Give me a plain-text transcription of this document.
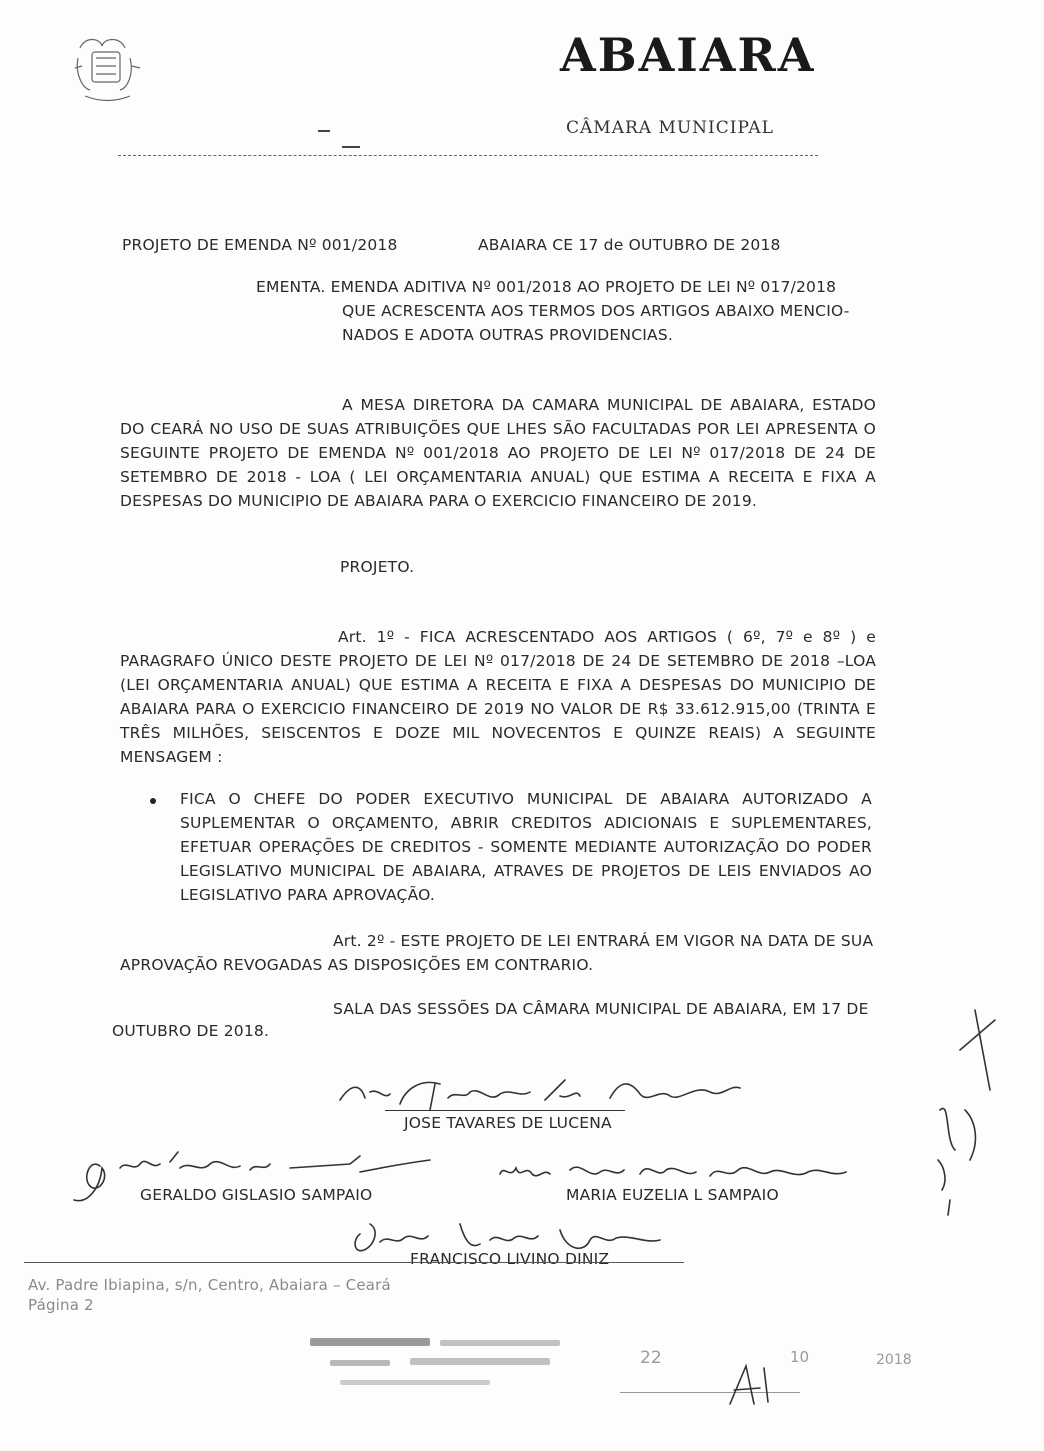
ABAIARA
CÂMARA MUNICIPAL
PROJETO DE EMENDA Nº 001/2018	ABAIARA CE 17 de OUTUBRO DE 2018
EMENTA. EMENDA ADITIVA Nº 001/2018 AO PROJETO DE LEI Nº 017/2018
QUE ACRESCENTA AOS TERMOS DOS ARTIGOS ABAIXO MENCIO-
NADOS E ADOTA OUTRAS PROVIDENCIAS.
A MESA DIRETORA DA CAMARA MUNICIPAL DE ABAIARA, ESTADO
DO CEARÁ NO USO DE SUAS ATRIBUIÇÕES QUE LHES SÃO FACULTADAS POR LEI APRESENTA O
SEGUINTE PROJETO DE EMENDA Nº 001/2018 AO PROJETO DE LEI Nº 017/2018 DE 24 DE
SETEMBRO DE 2018 - LOA ( LEI ORÇAMENTARIA ANUAL) QUE ESTIMA A RECEITA E FIXA A
DESPESAS DO MUNICIPIO DE ABAIARA PARA O EXERCICIO FINANCEIRO DE 2019.
PROJETO.
Art. 1º - FICA ACRESCENTADO AOS ARTIGOS ( 6º, 7º e 8º ) e
PARAGRAFO ÚNICO DESTE PROJETO DE LEI Nº 017/2018 DE 24 DE SETEMBRO DE 2018 –LOA
(LEI ORÇAMENTARIA ANUAL) QUE ESTIMA A RECEITA E FIXA A DESPESAS DO MUNICIPIO DE
ABAIARA PARA O EXERCICIO FINANCEIRO DE 2019 NO VALOR DE R$ 33.612.915,00 (TRINTA E
TRÊS MILHÕES, SEISCENTOS E DOZE MIL NOVECENTOS E QUINZE REAIS) A SEGUINTE
MENSAGEM :
FICA O CHEFE DO PODER EXECUTIVO MUNICIPAL DE ABAIARA AUTORIZADO A
SUPLEMENTAR O ORÇAMENTO, ABRIR CREDITOS ADICIONAIS E SUPLEMENTARES,
EFETUAR OPERAÇÕES DE CREDITOS - SOMENTE MEDIANTE AUTORIZAÇÃO DO PODER
LEGISLATIVO MUNICIPAL DE ABAIARA, ATRAVES DE PROJETOS DE LEIS ENVIADOS AO
LEGISLATIVO PARA APROVAÇÃO.
Art. 2º - ESTE PROJETO DE LEI ENTRARÁ EM VIGOR NA DATA DE SUA
APROVAÇÃO REVOGADAS AS DISPOSIÇÕES EM CONTRARIO.
SALA DAS SESSÕES DA CÂMARA MUNICIPAL DE ABAIARA, EM 17 DE
OUTUBRO DE 2018.
JOSE TAVARES DE LUCENA
GERALDO GISLASIO SAMPAIO	MARIA EUZELIA L SAMPAIO
FRANCISCO LIVINO DINIZ
Av. Padre Ibiapina, s/n, Centro, Abaiara – Ceará
Página 2
22	10	2018
